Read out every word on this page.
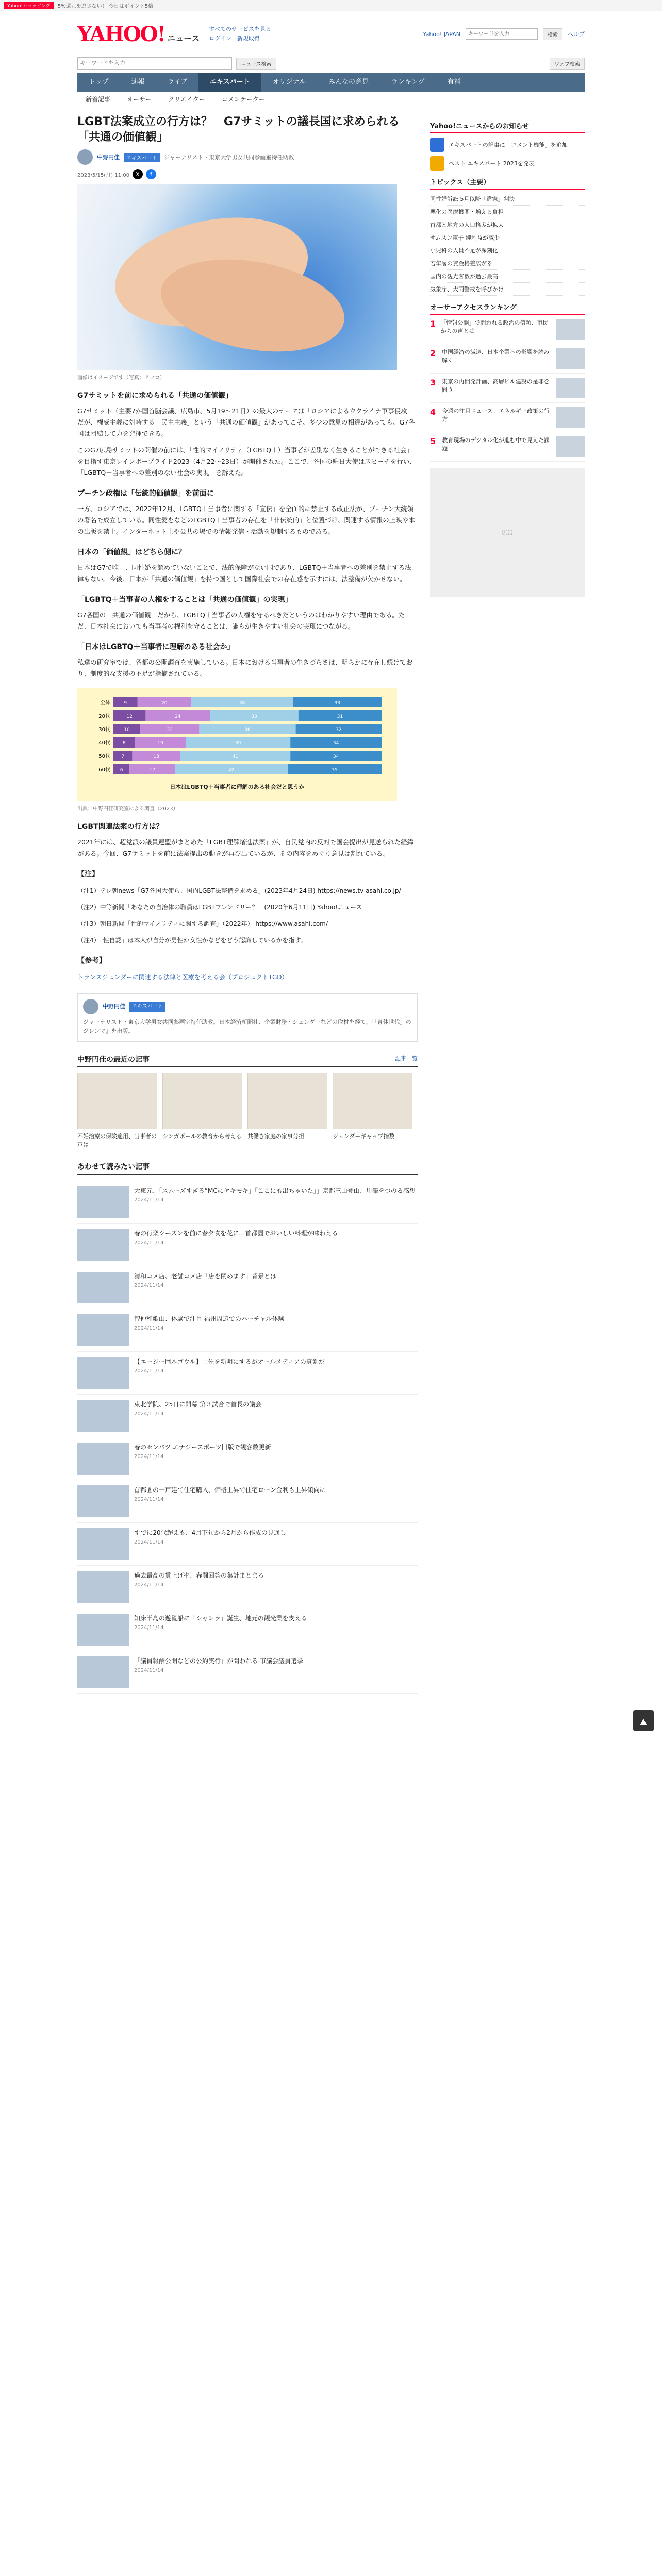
Yahoo!ショッピング	5%還元を逃さない！ 今日はポイント5倍
YAHOO! ニュース
すべてのサービスを見る
ログイン　 新規取得
Yahoo! JAPAN
キーワードを入力	検索	ヘルプ
キーワードを入力
ニュース検索	ウェブ検索
トップ	速報	ライブ	エキスパート	オリジナル	みんなの意見	ランキング	有料
新着記事	オーサー	クリエイター	コメンテーター
LGBT法案成立の行方は？　G7サミットの議長国に求められる「共通の価値観」
中野円佳	エキスパート	ジャーナリスト・東京大学男女共同参画室特任助教
2023/5/15(月) 11:00	X	f
画像はイメージです（写真：アフロ）
G7サミットを前に求められる「共通の価値観」

G7サミット（主要7か国首脳会議、広島市、5月19〜21日）の最大のテーマは「ロシアによるウクライナ軍事侵攻」だが、権威主義に対峙する「民主主義」という「共通の価値観」があってこそ、多少の意見の相違があっても、G7各国は団結して力を発揮できる。

このG7広島サミットの開催の前には、「性的マイノリティ（LGBTQ＋）当事者が差別なく生きることができる社会」を目指す東京レインボープライド2023（4月22〜23日）が開催された。ここで、各国の駐日大使はスピーチを行い、「LGBTQ＋当事者への差別のない社会の実現」を訴えた。

プーチン政権は「伝統的価値観」を前面に

一方、ロシアでは、2022年12月、LGBTQ＋当事者に関する「宣伝」を全面的に禁止する改正法が、プーチン大統領の署名で成立している。同性愛をなどのLGBTQ＋当事者の存在を「非伝統的」と位置づけ、関連する情報の上映や本の出版を禁止。インターネット上や公共の場での情報発信・活動を規制するものである。

日本の「価値観」はどちら側に？

日本はG7で唯一、同性婚を認めていないことで、法的保障がない国であり、LGBTQ＋当事者への差別を禁止する法律もない。今後、日本が「共通の価値観」を持つ国として国際社会での存在感を示すには、法整備が欠かせない。

「LGBTQ＋当事者の人権をすることは「共通の価値観」の実現」

G7各国の「共通の価値観」だから、LGBTQ＋当事者の人権を守るべきだというのはわかりやすい理由である。ただ、日本社会においても当事者の権利を守ることは、誰もが生きやすい社会の実現につながる。

「日本はLGBTQ＋当事者に理解のある社会か」

私達の研究室では、各都の公開調査を実施している。日本における当事者の生きづらさは、明らかに存在し続けており、制度的な支援の不足が指摘されている。

全体	9	20	38	33
20代	12	24	33	31
30代	10	22	36	32
40代	8	19	39	34
50代 7	18	41	34
60代 6	17	42	35
日本はLGBTQ＋当事者に理解のある社会だと思うか
出典：中野円佳研究室による調査（2023）
LGBT関連法案の行方は？

2021年には、超党派の議員連盟がまとめた「LGBT理解増進法案」が、自民党内の反対で国会提出が見送られた経緯がある。今回、G7サミットを前に法案提出の動きが再び出ているが、その内容をめぐり意見は割れている。

【注】
（注1）テレ朝news「G7各国大使ら、国内LGBT法整備を求める」(2023年4月24日) https://news.tv-asahi.co.jp/
（注2）中等新聞「あなたの自治体の職員はLGBTフレンドリー？」(2020年6月11日) Yahoo!ニュース
（注3）朝日新聞「性的マイノリティに関する調査」（2022年） https://www.asahi.com/
（注4）「性自認」は本人が自分が男性か女性かなどをどう認識しているかを指す。
【参考】
トランスジェンダーに関連する法律と医療を考える会（プロジェクトTGD）
中野円佳	エキスパート

ジャーナリスト・東京大学男女共同参画室特任助教。日本経済新聞社、企業財務・ジェンダーなどの取材を経て、『「育休世代」のジレンマ』を出版。

中野円佳の最近の記事	記事一覧
不妊治療の保険適用、当事者の声は
シンガポールの教育から考える 共働き家庭の家事分担	ジェンダーギャップ指数
あわせて読みたい記事
大東元、「スムーズすぎる”MCにヤキモキ」「ここにも出ちゃいた」」京都三山登山、川澤をつのる感想
2024/11/14
春の行楽シーズンを前に春夕食を花に…首都圏でおいしい料理が味わえる
2024/11/14
清和コメ店、老舗コメ店「店を閉めます」背景とは
2024/11/14
智仲和歌山、体験で注目 福州周辺でのバーチャル体験
2024/11/14
【エージー岡本ゴウル】土佐を新明にするがオールメディアの真剣だ
2024/11/14
東北学院、25日に開幕 第３試合で首長の議会
2024/11/14
春のセンバツ エナジースポーツ旧版で観客数更新
2024/11/14
首都圏の一戸建て住宅購入、価格上昇で住宅ローン金利も上昇傾向に
2024/11/14
すでに20代超えも、4月下旬から2月から作成の見通し
2024/11/14
過去最高の賃上げ率、春闘回答の集計まとまる
2024/11/14
知床半島の遊覧船に「シャンラ」誕生、地元の観光業を支える
2024/11/14
「議員報酬公開などの公約実行」が問われる 市議会議員選挙
2024/11/14
Yahoo!ニュースからのお知らせ
エキスパートの記事に「コメント機能」を追加
ベスト エキスパート 2023を発表
トピックス（主要）
同性婚訴訟 5月以降「違憲」判決
悪化の医療機関・増える負担
首都と地方の人口格差が拡大
サムスン電子 純利益が減少
小児科の人員不足が深刻化
若年層の賃金格差広がる
国内の観光客数が過去最高
気象庁、大雨警戒を呼びかけ
オーサーアクセスランキング
1 「情報公開」で問われる政治の信頼、市民からの声とは
2	中国経済の減速、日本企業への影響を読み解く
3	東京の再開発計画、高層ビル建設の是非を問う
4	今週の注目ニュース：エネルギー政策の行方
5	教育現場のデジタル化が進む中で見えた課題
広告
▲
